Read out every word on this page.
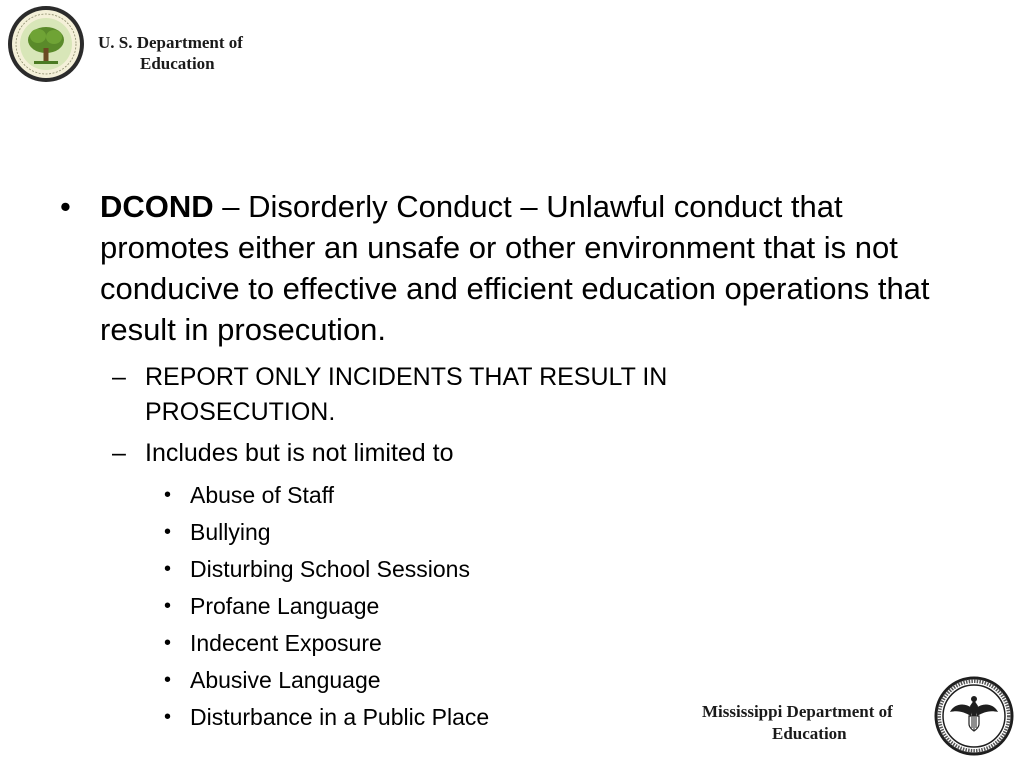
U. S. Department of
Education
• DCOND – Disorderly Conduct – Unlawful conduct that promotes either an unsafe or other environment that is not conducive to effective and efficient education operations that result in prosecution.
– REPORT ONLY INCIDENTS THAT RESULT IN PROSECUTION.
– Includes but is not limited to
• Abuse of Staff
• Bullying
• Disturbing School Sessions
• Profane Language
• Indecent Exposure
• Abusive Language
• Disturbance in a Public Place	Mississippi Department of
Education
